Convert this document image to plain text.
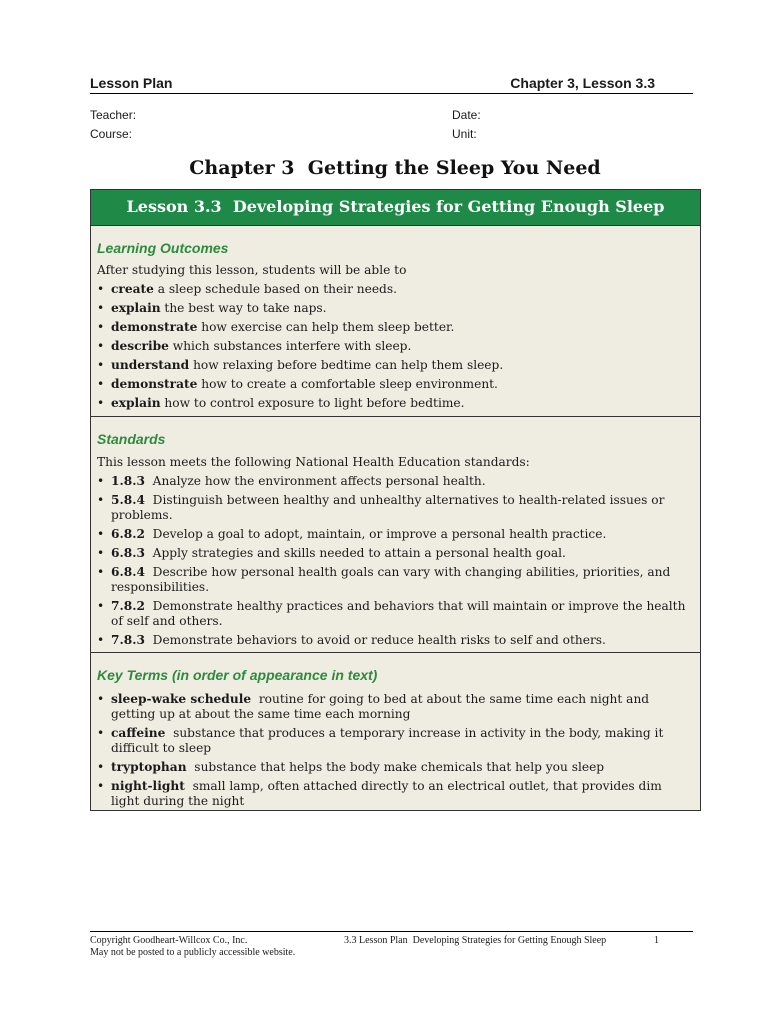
Lesson Plan	Chapter 3, Lesson 3.3
Teacher:
Course:
Date:
Unit:
Chapter 3  Getting the Sleep You Need
Lesson 3.3  Developing Strategies for Getting Enough Sleep
Learning Outcomes
After studying this lesson, students will be able to
• create a sleep schedule based on their needs.
• explain the best way to take naps.
• demonstrate how exercise can help them sleep better.
• describe which substances interfere with sleep.
• understand how relaxing before bedtime can help them sleep.
• demonstrate how to create a comfortable sleep environment.
• explain how to control exposure to light before bedtime.
Standards
This lesson meets the following National Health Education standards:
• 1.8.3  Analyze how the environment affects personal health.
• 5.8.4  Distinguish between healthy and unhealthy alternatives to health-related issues or problems.
• 6.8.2  Develop a goal to adopt, maintain, or improve a personal health practice.
• 6.8.3  Apply strategies and skills needed to attain a personal health goal.
• 6.8.4  Describe how personal health goals can vary with changing abilities, priorities, and responsibilities.
• 7.8.2  Demonstrate healthy practices and behaviors that will maintain or improve the health of self and others.
• 7.8.3  Demonstrate behaviors to avoid or reduce health risks to self and others.
Key Terms (in order of appearance in text)
• sleep-wake schedule  routine for going to bed at about the same time each night and getting up at about the same time each morning
• caffeine  substance that produces a temporary increase in activity in the body, making it difficult to sleep
• tryptophan  substance that helps the body make chemicals that help you sleep
• night-light  small lamp, often attached directly to an electrical outlet, that provides dim light during the night
Copyright Goodheart-Willcox Co., Inc.
May not be posted to a publicly accessible website.
3.3 Lesson Plan  Developing Strategies for Getting Enough Sleep	1
